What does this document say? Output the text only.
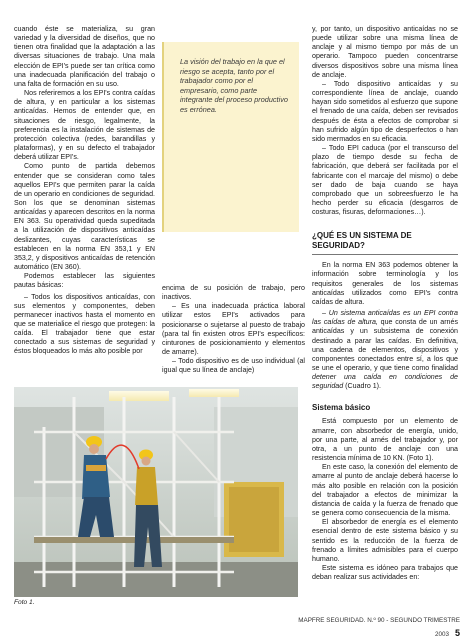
cuando éste se materializa, su gran variedad y la diversidad de diseños, que no tienen otra finalidad que la adaptación a las diversas situaciones de trabajo. Una mala elección de EPI's puede ser tan crítica como una inadecuada planificación del trabajo o una falta de formación en su uso.

Nos referiremos a los EPI's contra caídas de altura, y en particular a los sistemas anticaídas. Hemos de entender que, en situaciones de riesgo, legalmente, la preferencia es la instalación de sistemas de protección colectiva (redes, barandillas y plataformas), y en su defecto el trabajador deberá utilizar EPI's.

Como punto de partida debemos entender que se consideran como tales aquellos EPI's que permiten parar la caída de un operario en condiciones de seguridad. Son los que se denominan sistemas anticaídas y aparecen descritos en la norma EN 363. Su operatividad queda supeditada a la utilización de dispositivos anticaídas deslizantes, cuyas características se establecen en la norma EN 353,1 y EN 353,2, y dispositivos anticaídas de retención automático (EN 360).

Podemos establecer las siguientes pautas básicas:

– Todos los dispositivos anticaídas, con sus elementos y componentes, deben permanecer inactivos hasta el momento en que se materialice el riesgo que protegen: la caída. El trabajador tiene que estar conectado a sus sistemas de seguridad y éstos bloqueados lo más alto posible por

La visión del trabajo en la que el riesgo se acepta, tanto por el trabajador como por el empresario, como parte integrante del proceso productivo es errónea.

encima de su posición de trabajo, pero inactivos.

– Es una inadecuada práctica laboral utilizar estos EPI's activados para posicionarse o sujetarse al puesto de trabajo (para tal fin existen otros EPI's específicos: cinturones de posicionamiento y elementos de amarre).

– Todo dispositivo es de uso individual (al igual que su línea de anclaje)

y, por tanto, un dispositivo anticaídas no se puede utilizar sobre una misma línea de anclaje y al mismo tiempo por más de un operario. Tampoco pueden concentrarse diversos dispositivos sobre una misma línea de anclaje.

– Todo dispositivo anticaídas y su correspondiente línea de anclaje, cuando hayan sido sometidos al esfuerzo que supone el frenado de una caída, deben ser revisados después de ésta a efectos de comprobar si han sufrido algún tipo de desperfectos o han sido mermados en su eficacia.

– Todo EPI caduca (por el transcurso del plazo de tiempo desde su fecha de fabricación, que deberá ser facilitada por el fabricante con el marcaje del mismo) o debe ser dado de baja cuando se haya comprobado que un sobreesfuerzo le ha hecho perder su eficacia (desgarros de costuras, fisuras, deformaciones…).

¿QUÉ ES UN SISTEMA DE SEGURIDAD?

En la norma EN 363 podemos obtener la información sobre terminología y los requisitos generales de los sistemas anticaídas utilizados como EPI's contra caídas de altura.

– Un sistema anticaídas es un EPI contra las caídas de altura, que consta de un arnés anticaídas y un subsistema de conexión destinado a parar las caídas. En definitiva, una cadena de elementos, dispositivos y componentes conectados entre sí, a los que se une el operario, y que tiene como finalidad detener una caída en condiciones de seguridad (Cuadro 1).

Sistema básico

Está compuesto por un elemento de amarre, con absorbedor de energía, unido, por una parte, al arnés del trabajador y, por otra, a un punto de anclaje con una resistencia mínima de 10 KN. (Foto 1).

En este caso, la conexión del elemento de amarre al punto de anclaje deberá hacerse lo más alto posible en relación con la posición del trabajador a efectos de minimizar la distancia de caída y la fuerza de frenado que se genera como consecuencia de la misma.

El absorbedor de energía es el elemento esencial dentro de este sistema básico y su sentido es la reducción de la fuerza de frenado a límites admisibles para el cuerpo humano.

Este sistema es idóneo para trabajos que deban realizar sus actividades en:

Foto 1.
MAPFRE SEGURIDAD. N.º 90 - SEGUNDO TRIMESTRE 2003 5
